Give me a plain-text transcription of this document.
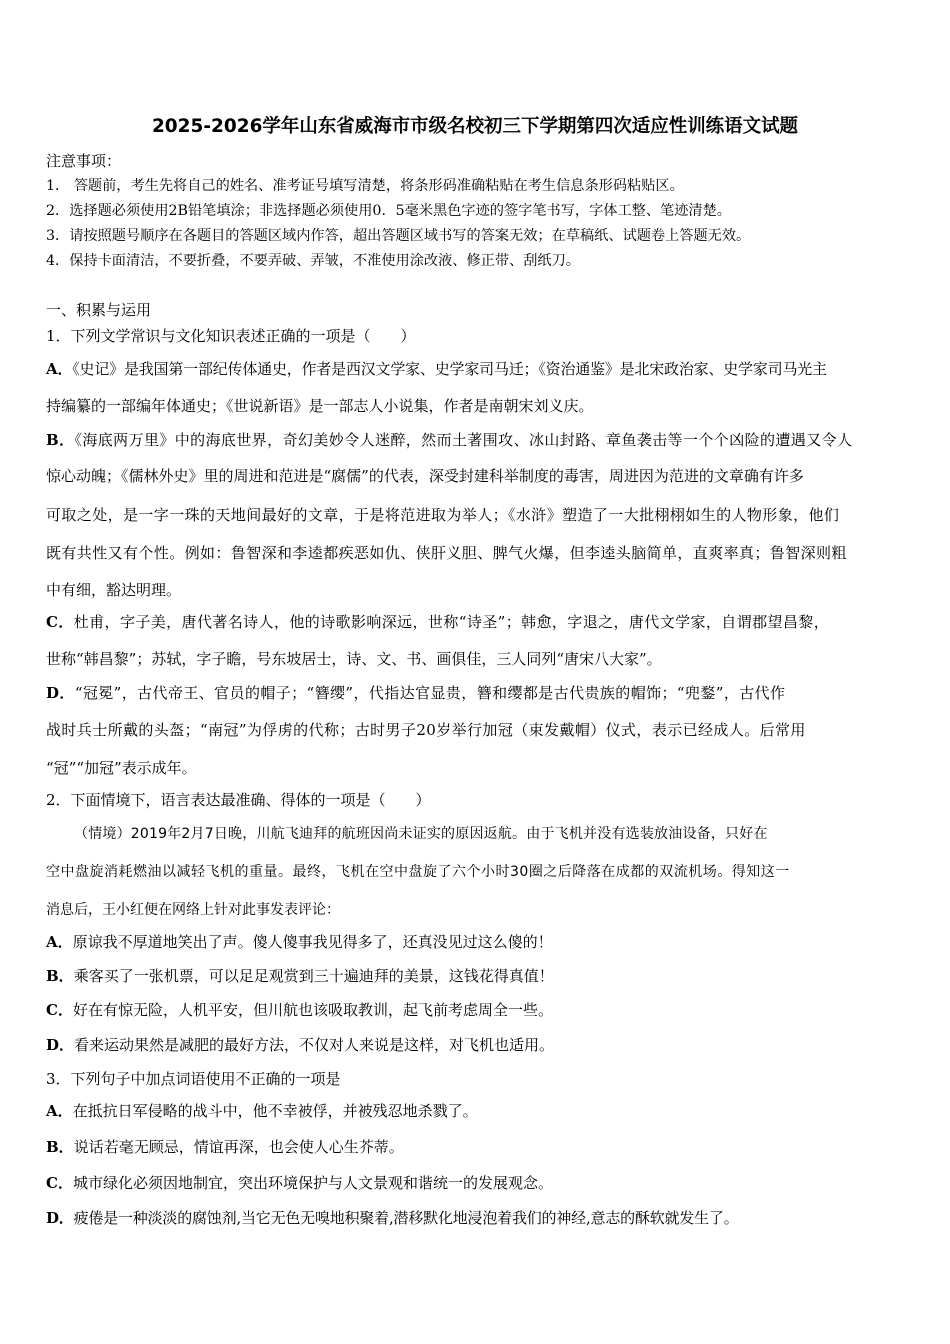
2025-2026学年山东省威海市市级名校初三下学期第四次适应性训练语文试题
注意事项：
1． 答题前，考生先将自己的姓名、准考证号填写清楚，将条形码准确粘贴在考生信息条形码粘贴区。
2．选择题必须使用2B铅笔填涂；非选择题必须使用0．5毫米黑色字迹的签字笔书写，字体工整、笔迹清楚。
3．请按照题号顺序在各题目的答题区域内作答，超出答题区域书写的答案无效；在草稿纸、试题卷上答题无效。
4．保持卡面清洁，不要折叠，不要弄破、弄皱，不准使用涂改液、修正带、刮纸刀。
一、积累与运用
1．下列文学常识与文化知识表述正确的一项是（　　）
A．《史记》是我国第一部纪传体通史，作者是西汉文学家、史学家司马迁；《资治通鉴》是北宋政治家、史学家司马光主
持编纂的一部编年体通史；《世说新语》是一部志人小说集，作者是南朝宋刘义庆。
B．《海底两万里》中的海底世界，奇幻美妙令人迷醉，然而土著围攻、冰山封路、章鱼袭击等一个个凶险的遭遇又令人
惊心动魄；《儒林外史》里的周进和范进是“腐儒”的代表，深受封建科举制度的毒害，周进因为范进的文章确有许多
可取之处，是一字一珠的天地间最好的文章，于是将范进取为举人；《水浒》塑造了一大批栩栩如生的人物形象，他们
既有共性又有个性。例如：鲁智深和李逵都疾恶如仇、侠肝义胆、脾气火爆，但李逵头脑简单，直爽率真；鲁智深则粗
中有细，豁达明理。
C．杜甫，字子美，唐代著名诗人，他的诗歌影响深远，世称“诗圣”；韩愈，字退之，唐代文学家，自谓郡望昌黎，
世称“韩昌黎”；苏轼，字子瞻，号东坡居士，诗、文、书、画俱佳，三人同列“唐宋八大家”。
D．“冠冕”，古代帝王、官员的帽子；“簪缨”，代指达官显贵，簪和缨都是古代贵族的帽饰；“兜鍪”，古代作
战时兵士所戴的头盔；“南冠”为俘虏的代称；古时男子20岁举行加冠（束发戴帽）仪式，表示已经成人。后常用
“冠”“加冠”表示成年。
2．下面情境下，语言表达最准确、得体的一项是（　　）
（情境）2019年2月7日晚，川航飞迪拜的航班因尚未证实的原因返航。由于飞机并没有选装放油设备，只好在
空中盘旋消耗燃油以减轻飞机的重量。最终，飞机在空中盘旋了六个小时30圈之后降落在成都的双流机场。得知这一
消息后，王小红便在网络上针对此事发表评论：
A．原谅我不厚道地笑出了声。傻人傻事我见得多了，还真没见过这么傻的！
B．乘客买了一张机票，可以足足观赏到三十遍迪拜的美景，这钱花得真值！
C．好在有惊无险，人机平安，但川航也该吸取教训，起飞前考虑周全一些。
D．看来运动果然是减肥的最好方法，不仅对人来说是这样，对飞机也适用。
3．下列句子中加点词语使用不正确的一项是
A．在抵抗日军侵略的战斗中，他不幸被俘，并被残忍地杀戮了。
B．说话若毫无顾忌，情谊再深，也会使人心生芥蒂。
C．城市绿化必须因地制宜，突出环境保护与人文景观和谐统一的发展观念。
D．疲倦是一种淡淡的腐蚀剂,当它无色无嗅地积聚着,潜移默化地浸泡着我们的神经,意志的酥软就发生了。
